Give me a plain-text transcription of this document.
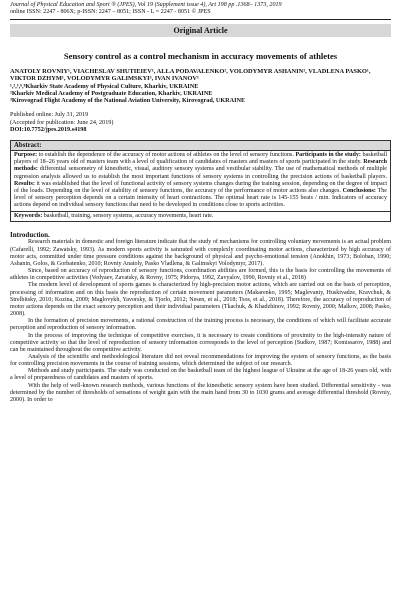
Journal of Physical Education and Sport ® (JPES), Vol 19 (Supplement issue 4), Art 198 pp .1368– 1373, 2019
online ISSN: 2247 - 806X; p-ISSN: 2247 – 8051; ISSN - L = 2247 - 8051 © JPES
Original Article
Sensory control as a control mechanism in accuracy movements of athletes
ANATOLY ROVNIY¹, VIACHESLAV SHUTIEIEV¹, ALLA PODAVALENKO², VOLODYMYR ASHANIN¹, VLADLENA PASKO¹, VIKTOR DZHYM¹, VOLODYMYR GALIMSKYI³, IVAN IVANOV¹
¹,²,⁵,⁶,⁸Kharkiv State Academy of Physical Culture, Kharkiv, UKRAINE
²Kharkiv Medical Academy of Postgraduate Education, Kharkiv, UKRAINE
³Kirovograd Flight Academy of the National Aviation University, Kirovograd, UKRAINE
Published online: July 31, 2019
(Accepted for publication: June 24, 2019)
DOI:10.7752/jpes.2019.s4198
Abstract:
Purpose: to establish the dependence of the accuracy of motor actions of athletes on the level of sensory functions. Participants in the study: basketball players of 18–26 years old of masters team with a level of qualification of candidates of masters and masters of sports participated in the study. Research methods: differential sensometry of kinesthetic, visual, auditory sensory systems and vestibular stability. The use of mathematical methods of multiple regression analysis allowed us to establish the most important functions of sensory systems in controlling the precision actions of basketball players. Results: it was established that the level of functional activity of sensory systems changes during the training session, depending on the degree of impact of the loads. Depending on the level of stability of sensory functions, the accuracy of the performance of motor actions also changes. Conclusions: The level of sensory perception depends on a certain intensity of heart contractions. The optimal heart rate is 145-155 beats / min. Indicators of accuracy actions depend on individual sensory functions that need to be developed in conditions close to sports activities.
Keywords: basketball, training, sensory systems, accuracy movements, heart rate.
Introduction.

Research materials in domestic and foreign literature indicate that the study of mechanisms for controlling voluntary movements is an actual problem (Cafarelli, 1992; Zawatsky, 1993). As modern sports activity is saturated with complexly coordinating motor actions, characterized by high accuracy of motor acts, committed under time pressure conditions against the background of physical and psycho-emotional tension (Anokhin, 1973; Boloban, 1990; Ashanin, Golos, & Gorbatenko, 2010; Rovniy Anatoly, Pasko Vladlena, & Galimskyi Volodymyr, 2017).

Since, based on accuracy of reproduction of sensory functions, coordination abilities are formed, this is the basis for controlling the movements of athletes in competitive activities (Vedyaev, Zavatsky, & Rovny, 1975; Pidorya, 1992, Zavyalov, 1990, Rovniy et al., 2018)

The modern level of development of sports games is characterized by high-precision motor actions, which are carried out on the basis of perception, processing of information and on this basis the reproduction of certain movement parameters (Makarenko, 1995; Maglevaniy, Huskivadze, Kravchuk, & Strelbitsky, 2010; Kozina, 2009; Maglovykh, Yavorsky, & Tjorlo, 2012; Nesen, et al., 2018; Tsos, et al., 2018). Therefore, the accuracy of reproduction of motor actions depends on the exact sensory perception and their individual parameters (Tkachuk, & Khadzhinov, 1992; Rovniy, 2000; Malkov, 2008; Pasko, 2008).

In the formation of precision movements, a rational construction of the training process is necessary, the conditions of which will facilitate accurate perception and reproduction of sensory information.

In the process of improving the technique of competitive exercises, it is necessary to create conditions of proximity to the high-intensity nature of competitive activity so that the level of reproduction of sensory information corresponds to the level of perception (Sudkov, 1987; Komissarov, 1988) and can be maintained throughout the competitive activity.

Analysis of the scientific and methodological literature did not reveal recommendations for improving the system of sensory functions, as the basis for controlling precision movements in the course of training sessions, which determined the subject of our research.

Methods and study participants. The study was conducted on the basketball team of the highest league of Ukraine at the age of 18-26 years old, with a level of preparedness of candidates and masters of sports.

With the help of well-known research methods, various functions of the kinesthetic sensory system have been studied. Differential sensitivity - was determined by the number of thresholds of sensations of weight gain with the main hand from 30 to 1030 grams and average differential threshold (Rovniy, 2000). In order to
